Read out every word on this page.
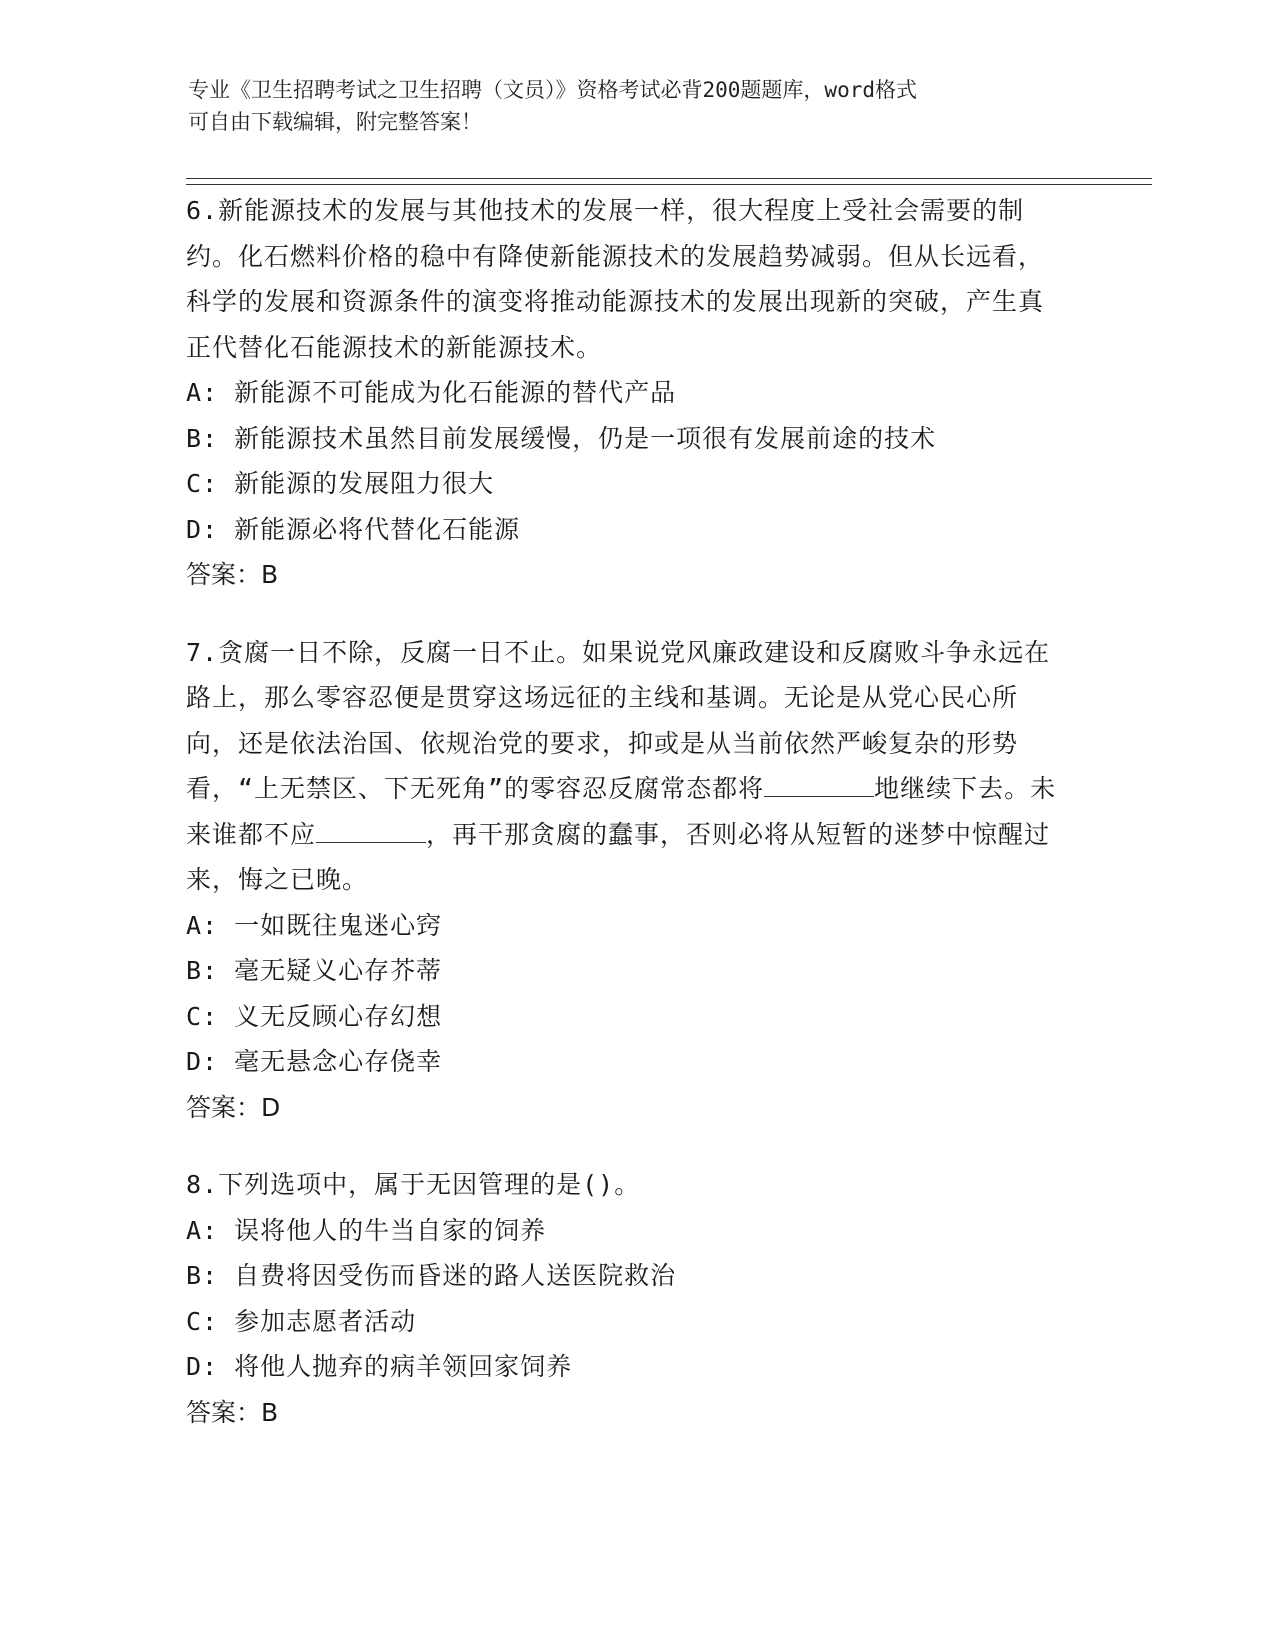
专业《卫生招聘考试之卫生招聘（文员）》资格考试必背200题题库，word格式
可自由下载编辑，附完整答案！
6.新能源技术的发展与其他技术的发展一样，很大程度上受社会需要的制约。化石燃料价格的稳中有降使新能源技术的发展趋势减弱。但从长远看，科学的发展和资源条件的演变将推动能源技术的发展出现新的突破，产生真正代替化石能源技术的新能源技术。
A: 新能源不可能成为化石能源的替代产品
B: 新能源技术虽然目前发展缓慢，仍是一项很有发展前途的技术
C: 新能源的发展阻力很大
D: 新能源必将代替化石能源
答案：B
7.贪腐一日不除，反腐一日不止。如果说党风廉政建设和反腐败斗争永远在路上，那么零容忍便是贯穿这场远征的主线和基调。无论是从党心民心所向，还是依法治国、依规治党的要求，抑或是从当前依然严峻复杂的形势看，“上无禁区、下无死角”的零容忍反腐常态都将	地继续下去。未来谁都不应	，再干那贪腐的蠢事，否则必将从短暂的迷梦中惊醒过来，悔之已晚。
A: 一如既往鬼迷心窍
B: 毫无疑义心存芥蒂
C: 义无反顾心存幻想
D: 毫无悬念心存侥幸
答案：D
8.下列选项中，属于无因管理的是()。
A: 误将他人的牛当自家的饲养
B: 自费将因受伤而昏迷的路人送医院救治
C: 参加志愿者活动
D: 将他人抛弃的病羊领回家饲养
答案：B
